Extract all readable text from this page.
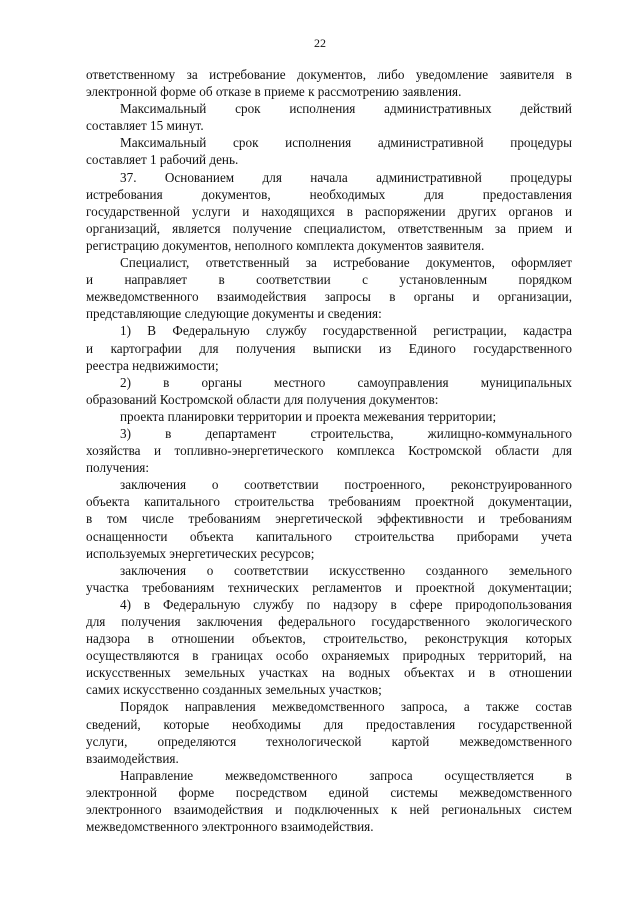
22
ответственному за истребование документов, либо уведомление заявителя в
электронной форме об отказе в приеме к рассмотрению заявления.
Максимальный срок исполнения административных действий
составляет 15 минут.
Максимальный срок исполнения административной процедуры
составляет 1 рабочий день.
37. Основанием для начала административной процедуры
истребования документов, необходимых для предоставления
государственной услуги и находящихся в распоряжении других органов и
организаций, является получение специалистом, ответственным за прием и
регистрацию документов, неполного комплекта документов заявителя.
Специалист, ответственный за истребование документов, оформляет
и направляет в соответствии с установленным порядком
межведомственного взаимодействия запросы в органы и организации,
представляющие следующие документы и сведения:
1) В Федеральную службу государственной регистрации, кадастра
и картографии для получения выписки из Единого государственного
реестра недвижимости;
2) в органы местного самоуправления муниципальных
образований Костромской области для получения документов:
проекта планировки территории и проекта межевания территории;
3) в департамент строительства, жилищно-коммунального
хозяйства и топливно-энергетического комплекса Костромской области для
получения:
заключения о соответствии построенного, реконструированного
объекта капитального строительства требованиям проектной документации,
в том числе требованиям энергетической эффективности и требованиям
оснащенности объекта капитального строительства приборами учета
используемых энергетических ресурсов;
заключения о соответствии искусственно созданного земельного
участка требованиям технических регламентов и проектной документации;
4) в Федеральную службу по надзору в сфере природопользования
для получения заключения федерального государственного экологического
надзора в отношении объектов, строительство, реконструкция которых
осуществляются в границах особо охраняемых природных территорий, на
искусственных земельных участках на водных объектах и в отношении
самих искусственно созданных земельных участков;
Порядок направления межведомственного запроса, а также состав
сведений, которые необходимы для предоставления государственной
услуги, определяются технологической картой межведомственного
взаимодействия.
Направление межведомственного запроса осуществляется в
электронной форме посредством единой системы межведомственного
электронного взаимодействия и подключенных к ней региональных систем
межведомственного электронного взаимодействия.
